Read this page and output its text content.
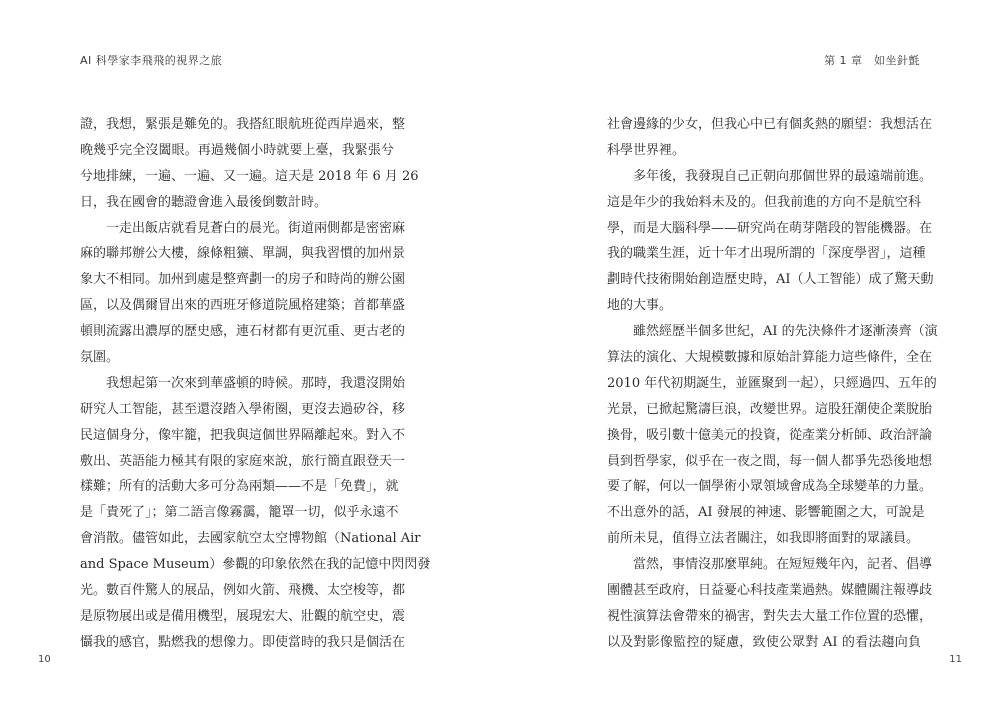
AI 科學家李飛飛的視界之旅
證，我想，緊張是難免的。我搭紅眼航班從西岸過來，整
晚幾乎完全沒闔眼。再過幾個小時就要上臺，我緊張兮
兮地排練，一遍、一遍、又一遍。這天是 2018 年 6 月 26
日，我在國會的聽證會進入最後倒數計時。
一走出飯店就看見蒼白的晨光。街道兩側都是密密麻
麻的聯邦辦公大樓，線條粗獷、單調，與我習慣的加州景
象大不相同。加州到處是整齊劃一的房子和時尚的辦公園
區，以及偶爾冒出來的西班牙修道院風格建築；首都華盛
頓則流露出濃厚的歷史感，連石材都有更沉重、更古老的
氛圍。
我想起第一次來到華盛頓的時候。那時，我還沒開始
研究人工智能，甚至還沒踏入學術圈，更沒去過矽谷，移
民這個身分，像牢籠，把我與這個世界隔離起來。對入不
敷出、英語能力極其有限的家庭來說，旅行簡直跟登天一
樣難；所有的活動大多可分為兩類——不是「免費」，就
是「貴死了」；第二語言像霧靄，籠罩一切，似乎永遠不
會消散。儘管如此，去國家航空太空博物館（National Air
and Space Museum）參觀的印象依然在我的記憶中閃閃發
光。數百件驚人的展品，例如火箭、飛機、太空梭等，都
是原物展出或是備用機型，展現宏大、壯觀的航空史，震
懾我的感官，點燃我的想像力。即使當時的我只是個活在
10
第 1 章　如坐針氈
社會邊緣的少女，但我心中已有個炙熱的願望：我想活在
科學世界裡。
多年後，我發現自己正朝向那個世界的最遠端前進。
這是年少的我始料未及的。但我前進的方向不是航空科
學，而是大腦科學——研究尚在萌芽階段的智能機器。在
我的職業生涯，近十年才出現所謂的「深度學習」，這種
劃時代技術開始創造歷史時，AI（人工智能）成了驚天動
地的大事。
雖然經歷半個多世紀，AI 的先決條件才逐漸湊齊（演
算法的演化、大規模數據和原始計算能力這些條件，全在
2010 年代初期誕生，並匯聚到一起），只經過四、五年的
光景，已掀起驚濤巨浪，改變世界。這股狂潮使企業脫胎
換骨，吸引數十億美元的投資，從產業分析師、政治評論
員到哲學家，似乎在一夜之間，每一個人都爭先恐後地想
要了解，何以一個學術小眾領域會成為全球變革的力量。
不出意外的話，AI 發展的神速、影響範圍之大，可說是
前所未見，值得立法者關注，如我即將面對的眾議員。
當然，事情沒那麼單純。在短短幾年內，記者、倡導
團體甚至政府，日益憂心科技產業過熱。媒體關注報導歧
視性演算法會帶來的禍害，對失去大量工作位置的恐懼，
以及對影像監控的疑慮，致使公眾對 AI 的看法趨向負
11
